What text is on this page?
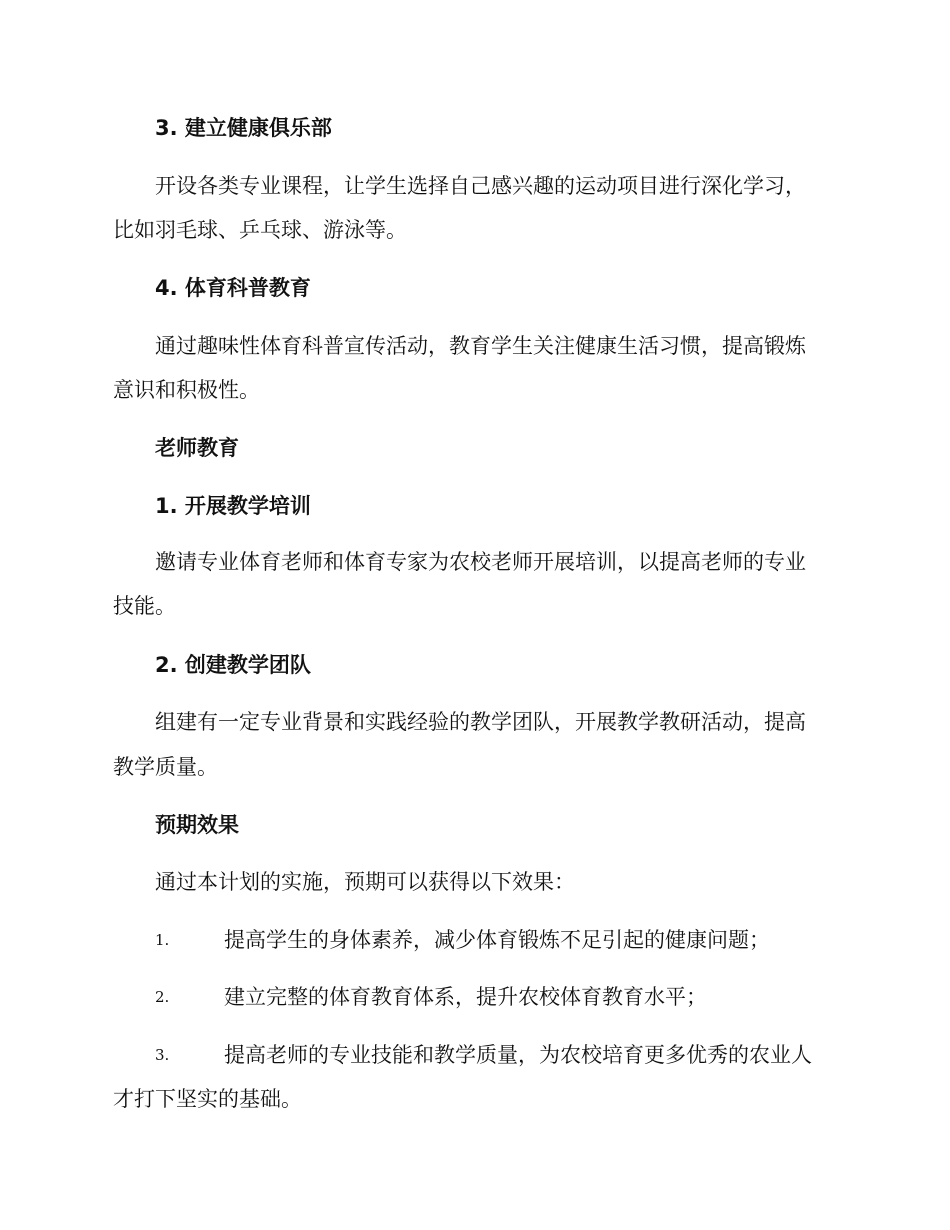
3. 建立健康俱乐部
开设各类专业课程，让学生选择自己感兴趣的运动项目进行深化学习，
比如羽毛球、乒乓球、游泳等。
4. 体育科普教育
通过趣味性体育科普宣传活动，教育学生关注健康生活习惯，提高锻炼
意识和积极性。
老师教育
1. 开展教学培训
邀请专业体育老师和体育专家为农校老师开展培训，以提高老师的专业
技能。
2. 创建教学团队
组建有一定专业背景和实践经验的教学团队，开展教学教研活动，提高
教学质量。
预期效果
通过本计划的实施，预期可以获得以下效果：
1.	提高学生的身体素养，减少体育锻炼不足引起的健康问题；
2.	建立完整的体育教育体系，提升农校体育教育水平；
3.	提高老师的专业技能和教学质量，为农校培育更多优秀的农业人
才打下坚实的基础。
